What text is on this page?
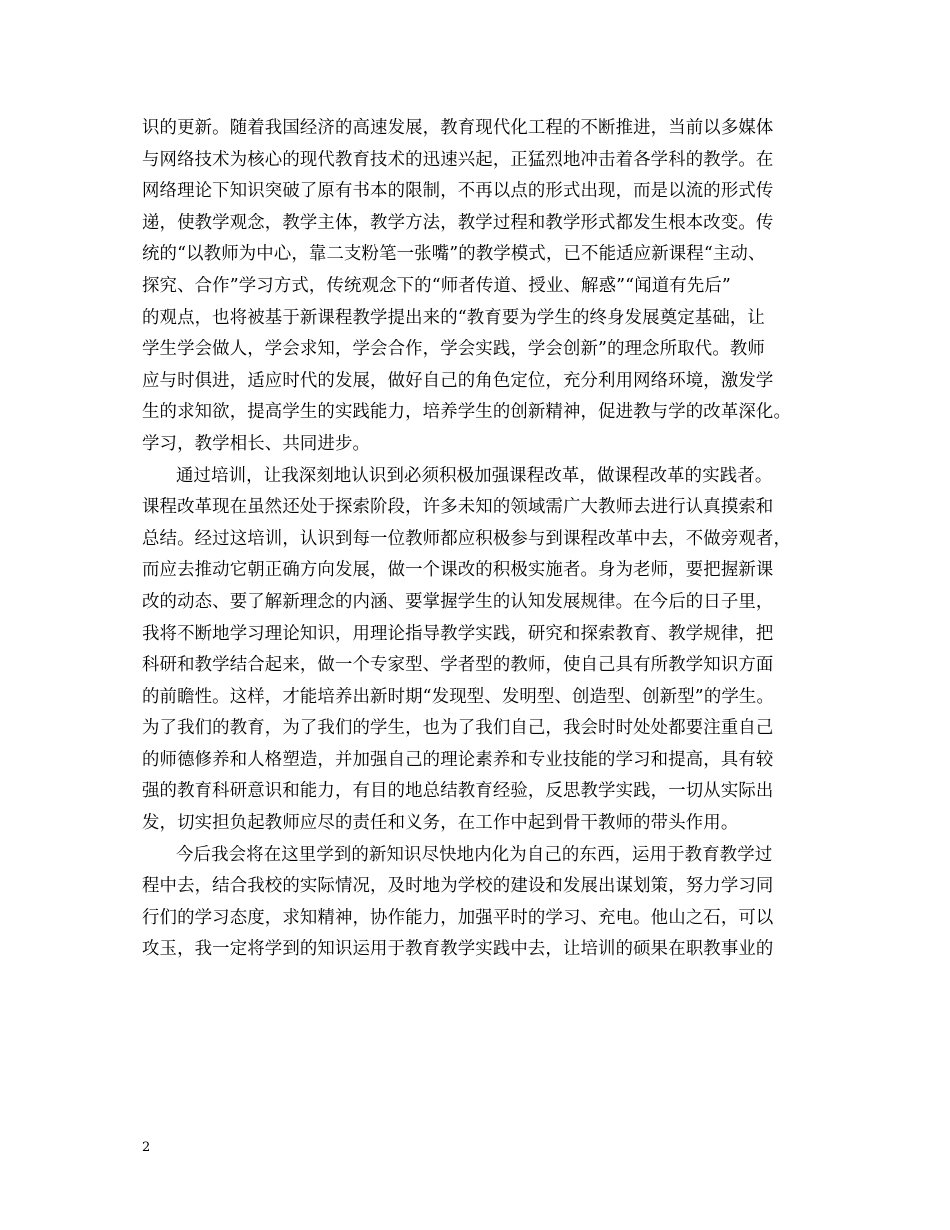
识的更新。随着我国经济的高速发展，教育现代化工程的不断推进，当前以多媒体
与网络技术为核心的现代教育技术的迅速兴起，正猛烈地冲击着各学科的教学。在
网络理论下知识突破了原有书本的限制，不再以点的形式出现，而是以流的形式传
递，使教学观念，教学主体，教学方法，教学过程和教学形式都发生根本改变。传
统的“以教师为中心，靠二支粉笔一张嘴”的教学模式，已不能适应新课程“主动、
探究、合作”学习方式，传统观念下的“师者传道、授业、解惑”“闻道有先后”
的观点，也将被基于新课程教学提出来的“教育要为学生的终身发展奠定基础，让
学生学会做人，学会求知，学会合作，学会实践，学会创新”的理念所取代。教师
应与时俱进，适应时代的发展，做好自己的角色定位，充分利用网络环境，激发学
生的求知欲，提高学生的实践能力，培养学生的创新精神，促进教与学的改革深化。
学习，教学相长、共同进步。
通过培训，让我深刻地认识到必须积极加强课程改革，做课程改革的实践者。
课程改革现在虽然还处于探索阶段，许多未知的领域需广大教师去进行认真摸索和
总结。经过这培训，认识到每一位教师都应积极参与到课程改革中去，不做旁观者，
而应去推动它朝正确方向发展，做一个课改的积极实施者。身为老师，要把握新课
改的动态、要了解新理念的内涵、要掌握学生的认知发展规律。在今后的日子里，
我将不断地学习理论知识，用理论指导教学实践，研究和探索教育、教学规律，把
科研和教学结合起来，做一个专家型、学者型的教师，使自己具有所教学知识方面
的前瞻性。这样，才能培养出新时期“发现型、发明型、创造型、创新型”的学生。
为了我们的教育，为了我们的学生，也为了我们自己，我会时时处处都要注重自己
的师德修养和人格塑造，并加强自己的理论素养和专业技能的学习和提高，具有较
强的教育科研意识和能力，有目的地总结教育经验，反思教学实践，一切从实际出
发，切实担负起教师应尽的责任和义务，在工作中起到骨干教师的带头作用。
今后我会将在这里学到的新知识尽快地内化为自己的东西，运用于教育教学过
程中去，结合我校的实际情况，及时地为学校的建设和发展出谋划策，努力学习同
行们的学习态度，求知精神，协作能力，加强平时的学习、充电。他山之石，可以
攻玉，我一定将学到的知识运用于教育教学实践中去，让培训的硕果在职教事业的
2
